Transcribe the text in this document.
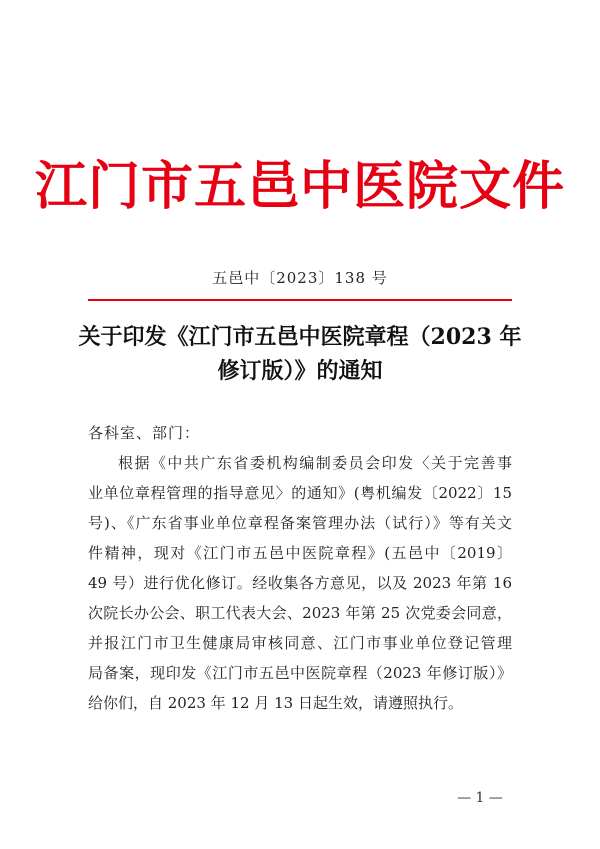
江门市五邑中医院文件
五邑中〔2023〕138 号
关于印发《江门市五邑中医院章程（2023 年
修订版）》的通知
各科室、部门：
根据《中共广东省委机构编制委员会印发〈关于完善事
业单位章程管理的指导意见〉的通知》(粤机编发〔2022〕15
号)、《广东省事业单位章程备案管理办法（试行）》等有关文
件精神，现对《江门市五邑中医院章程》(五邑中〔2019〕
49 号）进行优化修订。经收集各方意见，以及 2023 年第 16
次院长办公会、职工代表大会、2023 年第 25 次党委会同意，
并报江门市卫生健康局审核同意、江门市事业单位登记管理
局备案，现印发《江门市五邑中医院章程（2023 年修订版）》
给你们，自 2023 年 12 月 13 日起生效，请遵照执行。
— 1 —
